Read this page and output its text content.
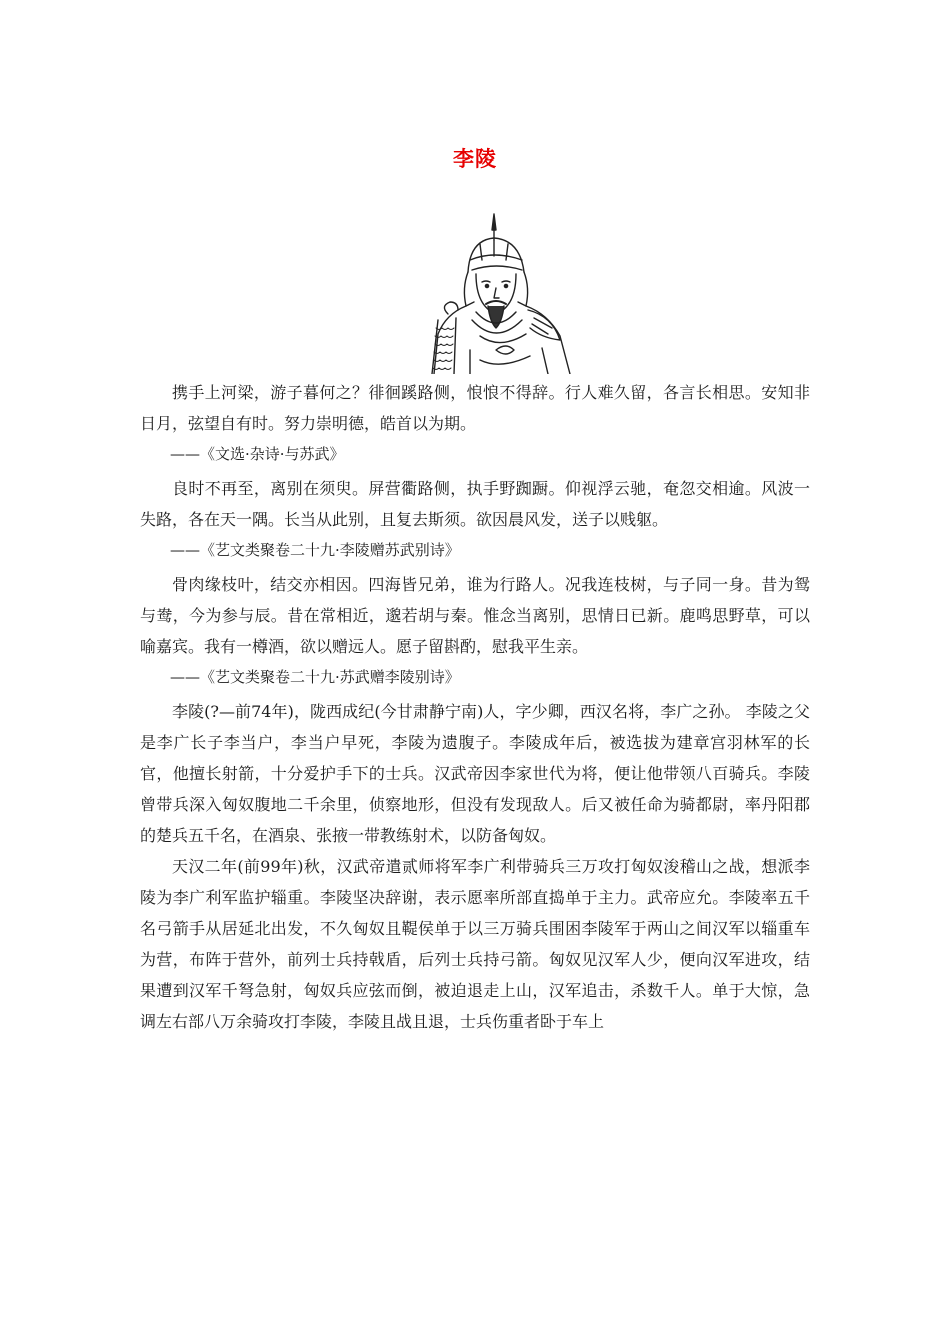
李陵

携手上河梁，游子暮何之？徘徊蹊路侧，悢悢不得辞。行人难久留，各言长相思。安知非日月，弦望自有时。努力崇明德，皓首以为期。

——《文选·杂诗·与苏武》

良时不再至，离别在须臾。屏营衢路侧，执手野踟蹰。仰视浮云驰，奄忽交相逾。风波一失路，各在天一隅。长当从此别，且复去斯须。欲因晨风发，送子以贱躯。

——《艺文类聚卷二十九·李陵赠苏武别诗》

骨肉缘枝叶，结交亦相因。四海皆兄弟，谁为行路人。况我连枝树，与子同一身。昔为鸳与鸯，今为参与辰。昔在常相近，邈若胡与秦。惟念当离别，思情日已新。鹿鸣思野草，可以喻嘉宾。我有一樽酒，欲以赠远人。愿子留斟酌，慰我平生亲。

——《艺文类聚卷二十九·苏武赠李陵别诗》

李陵(?—前74年)，陇西成纪(今甘肃静宁南)人，字少卿，西汉名将，李广之孙。 李陵之父是李广长子李当户，李当户早死，李陵为遗腹子。李陵成年后，被选拔为建章宫羽林军的长官，他擅长射箭，十分爱护手下的士兵。汉武帝因李家世代为将，便让他带领八百骑兵。李陵曾带兵深入匈奴腹地二千余里，侦察地形，但没有发现敌人。后又被任命为骑都尉，率丹阳郡的楚兵五千名，在酒泉、张掖一带教练射术，以防备匈奴。

天汉二年(前99年)秋，汉武帝遣贰师将军李广利带骑兵三万攻打匈奴浚稽山之战，想派李陵为李广利军监护辎重。李陵坚决辞谢，表示愿率所部直捣单于主力。武帝应允。李陵率五千名弓箭手从居延北出发，不久匈奴且鞮侯单于以三万骑兵围困李陵军于两山之间汉军以辎重车为营，布阵于营外，前列士兵持戟盾，后列士兵持弓箭。匈奴见汉军人少，便向汉军进攻，结果遭到汉军千弩急射，匈奴兵应弦而倒，被迫退走上山，汉军追击，杀数千人。单于大惊，急调左右部八万余骑攻打李陵，李陵且战且退，士兵伤重者卧于车上
